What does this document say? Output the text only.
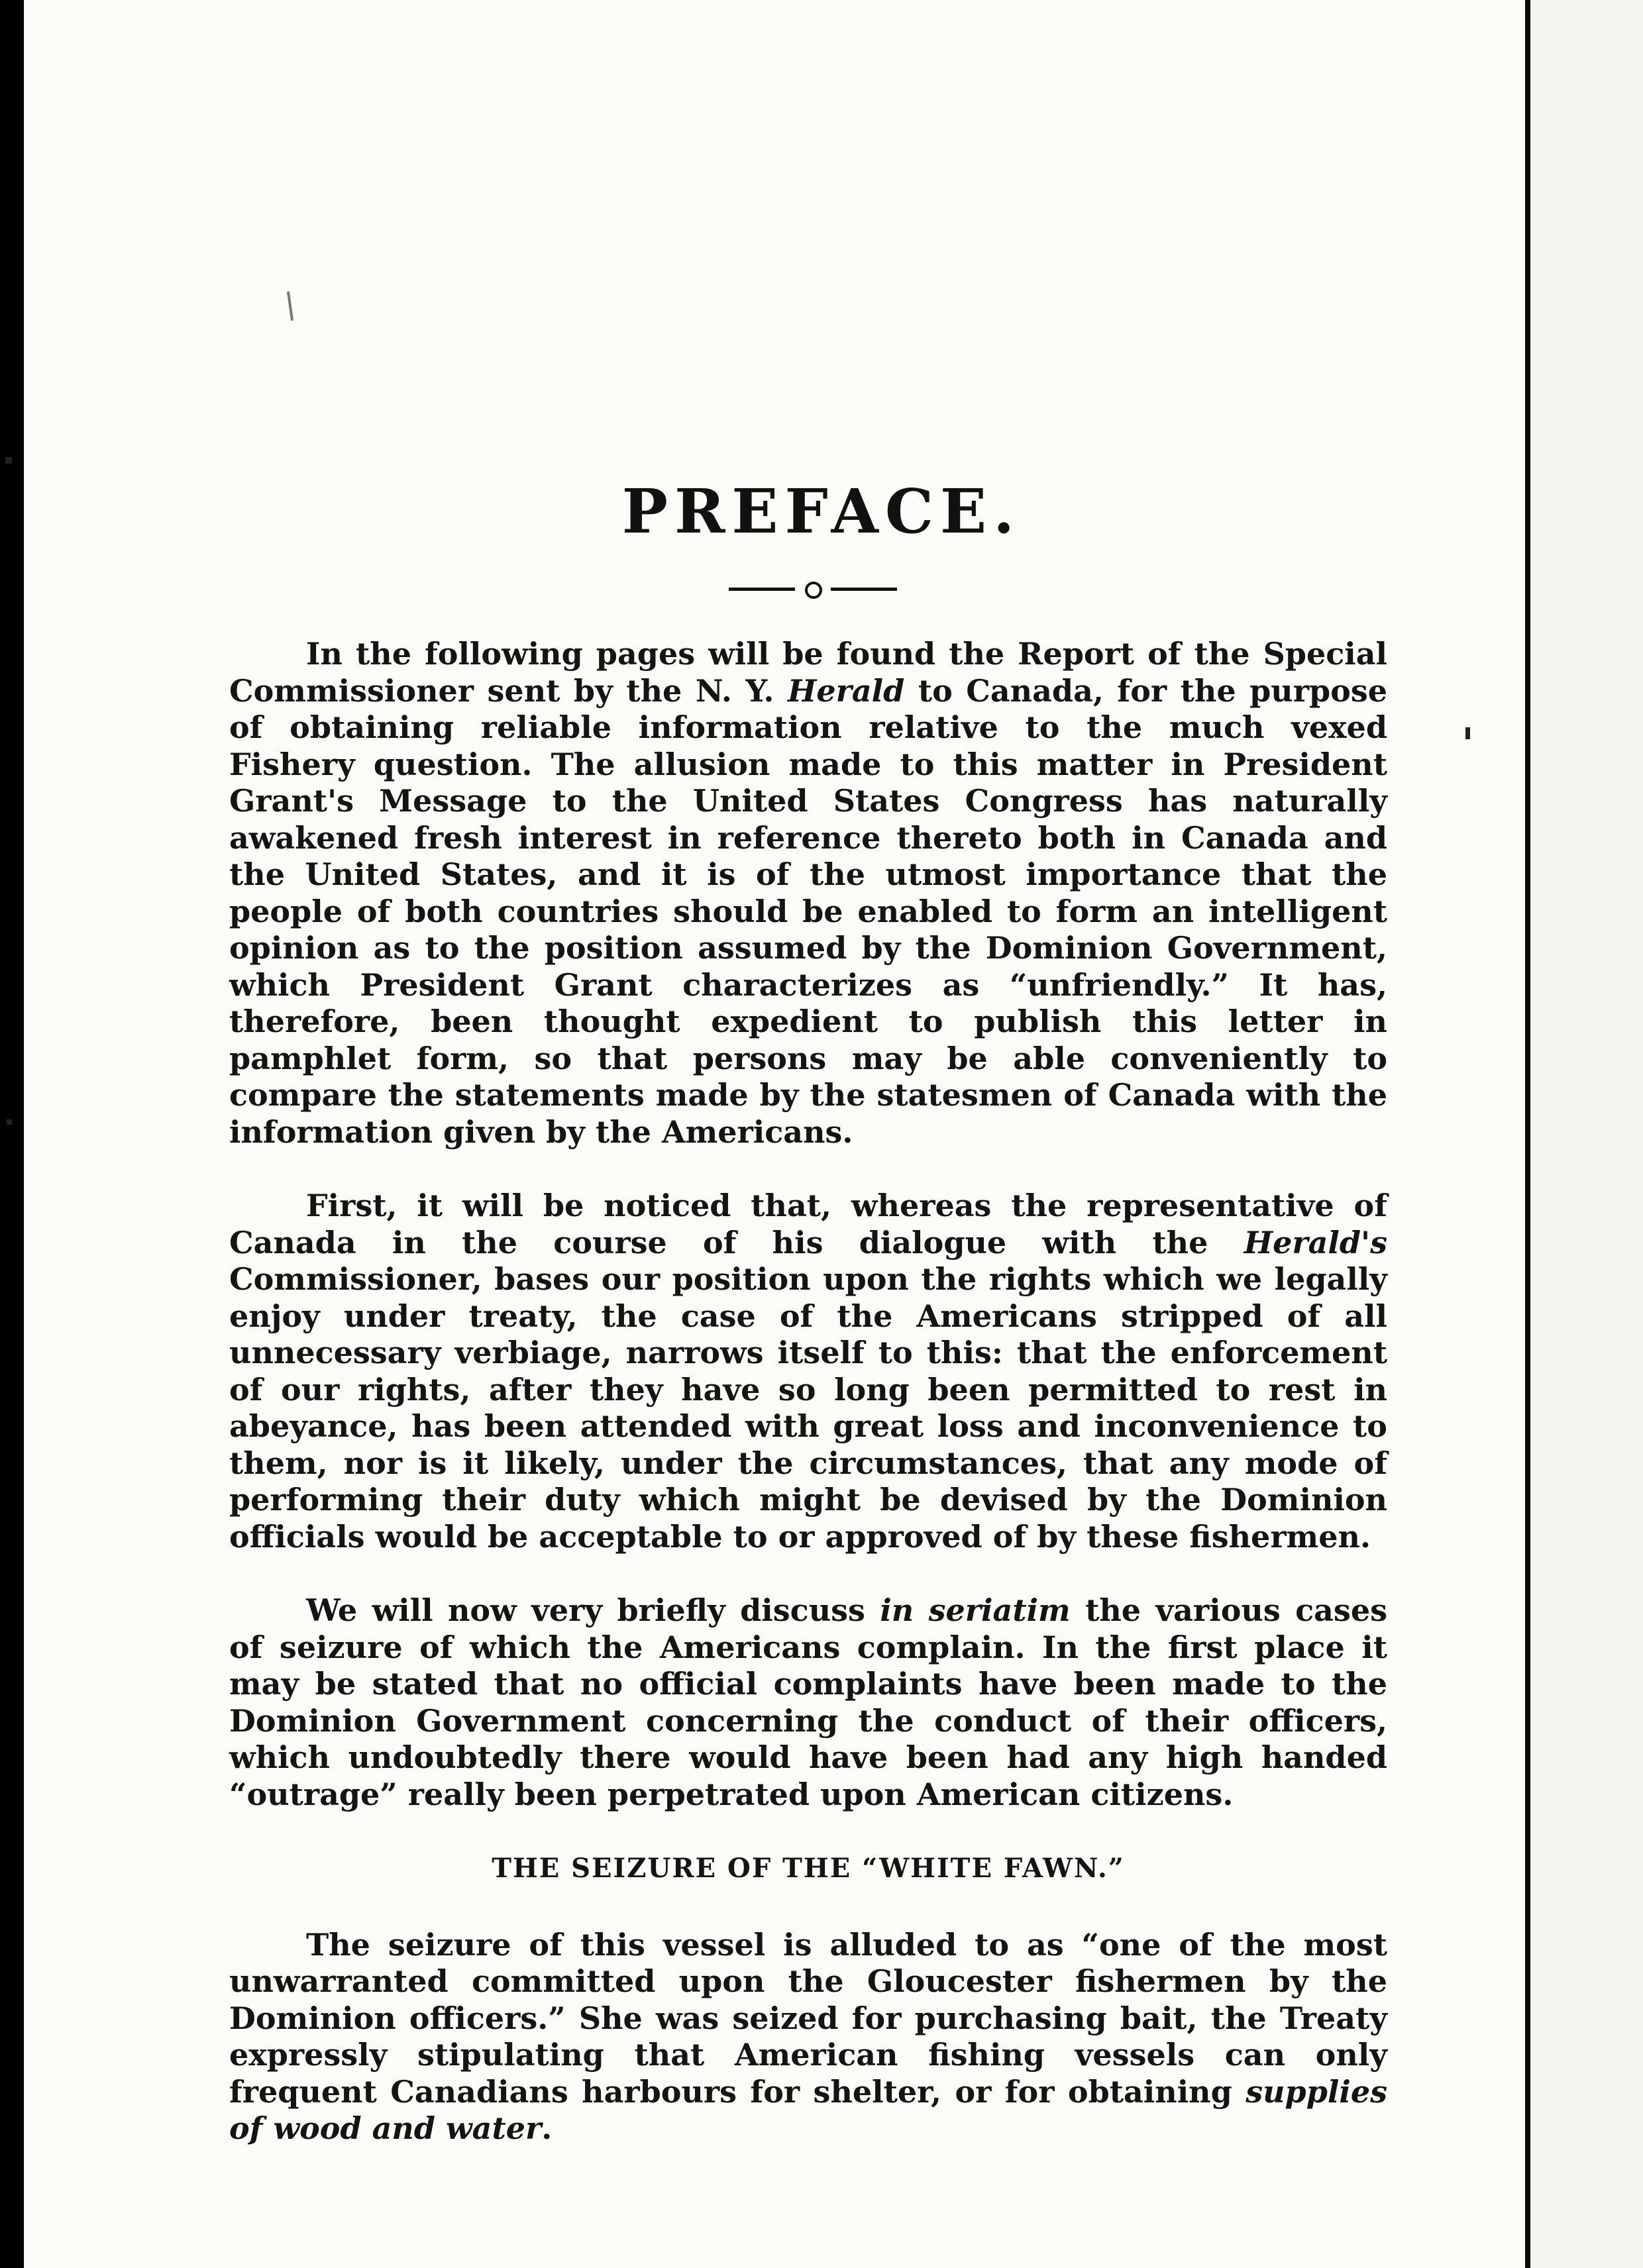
PREFACE.

In the following pages will be found the Report of the Special Commissioner sent by the N. Y. Herald to Canada, for the purpose of obtaining reliable information relative to the much vexed Fishery question. The allusion made to this matter in President Grant's Message to the United States Congress has naturally awakened fresh interest in reference thereto both in Canada and the United States, and it is of the utmost importance that the people of both countries should be enabled to form an intelligent opinion as to the position assumed by the Dominion Government, which President Grant characterizes as “unfriendly.” It has, therefore, been thought expedient to publish this letter in pamphlet form, so that persons may be able conveniently to compare the statements made by the statesmen of Canada with the information given by the Americans.

First, it will be noticed that, whereas the representative of Canada in the course of his dialogue with the Herald's Commissioner, bases our position upon the rights which we legally enjoy under treaty, the case of the Americans stripped of all unnecessary verbiage, narrows itself to this: that the enforcement of our rights, after they have so long been permitted to rest in abeyance, has been attended with great loss and inconvenience to them, nor is it likely, under the circumstances, that any mode of performing their duty which might be devised by the Dominion officials would be acceptable to or approved of by these fishermen.

We will now very briefly discuss in seriatim the various cases of seizure of which the Americans complain. In the first place it may be stated that no official complaints have been made to the Dominion Government concerning the conduct of their officers, which undoubtedly there would have been had any high handed “outrage” really been perpetrated upon American citizens.

THE SEIZURE OF THE “WHITE FAWN.”

The seizure of this vessel is alluded to as “one of the most unwarranted committed upon the Gloucester fishermen by the Dominion officers.” She was seized for purchasing bait, the Treaty expressly stipulating that American fishing vessels can only frequent Canadians harbours for shelter, or for obtaining supplies of wood and water.
